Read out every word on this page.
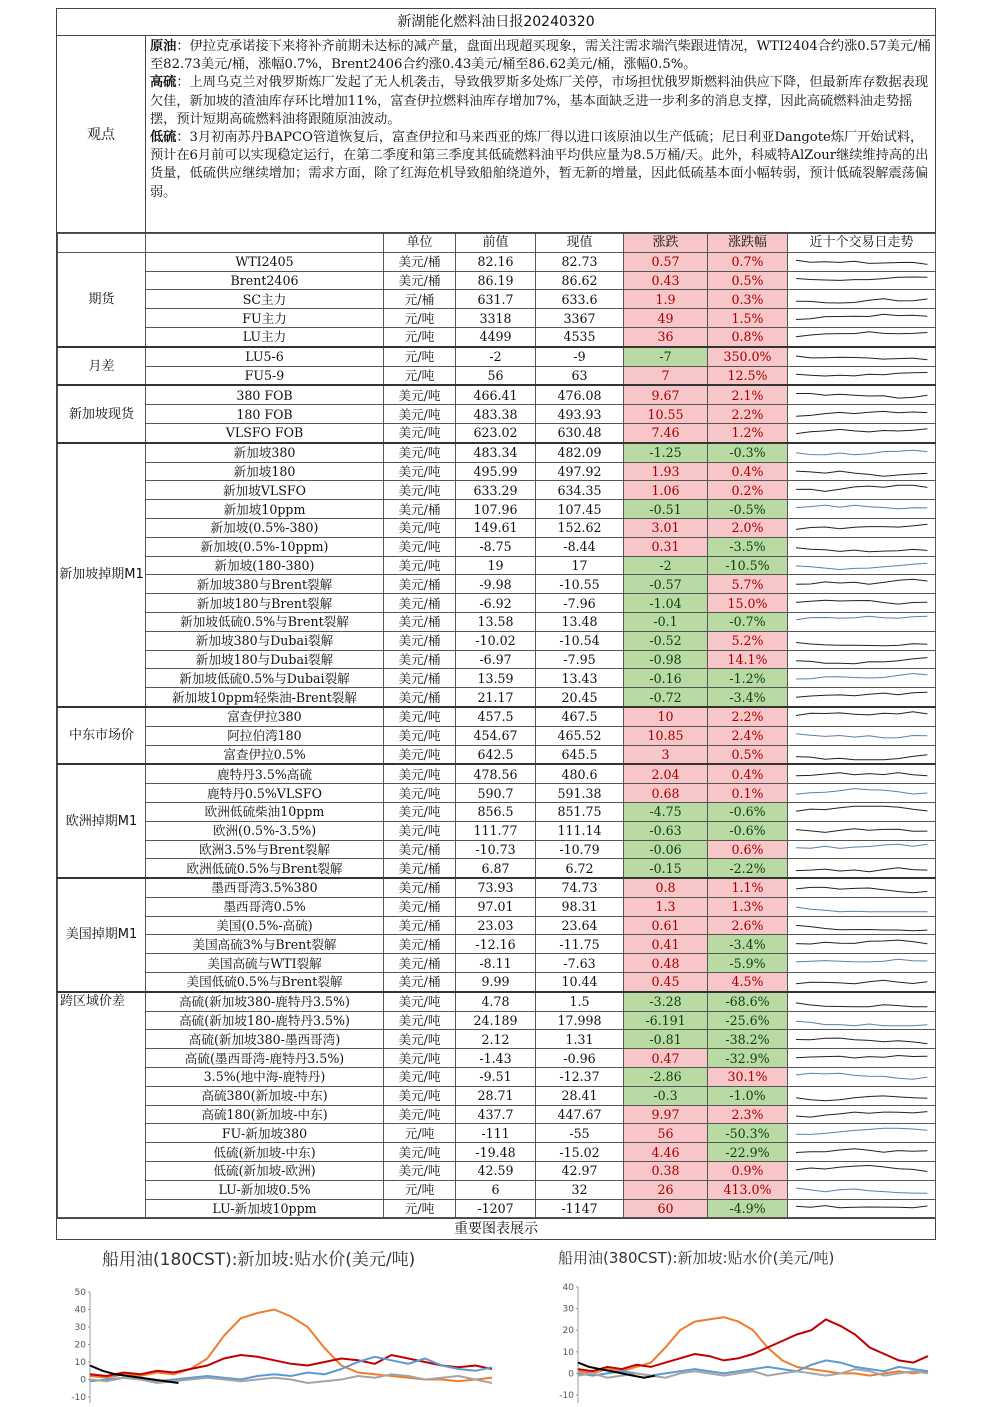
新湖能化燃料油日报20240320
观点

原油：伊拉克承诺接下来将补齐前期未达标的减产量，盘面出现超买现象，需关注需求端汽柴跟进情况，WTI2404合约涨0.57美元/桶至82.73美元/桶，涨幅0.7%，Brent2406合约涨0.43美元/桶至86.62美元/桶，涨幅0.5%。

高硫：上周乌克兰对俄罗斯炼厂发起了无人机袭击，导致俄罗斯多处炼厂关停，市场担忧俄罗斯燃料油供应下降，但最新库存数据表现欠佳，新加坡的渣油库存环比增加11%，富查伊拉燃料油库存增加7%，基本面缺乏进一步利多的消息支撑，因此高硫燃料油走势摇摆，预计短期高硫燃料油将跟随原油波动。

低硫：3月初南苏丹BAPCO管道恢复后，富查伊拉和马来西亚的炼厂得以进口该原油以生产低硫；尼日利亚Dangote炼厂开始试料，预计在6月前可以实现稳定运行，在第二季度和第三季度其低硫燃料油平均供应量为8.5万桶/天。此外，科威特AlZour继续维持高的出货量，低硫供应继续增加；需求方面，除了红海危机导致船舶绕道外，暂无新的增量，因此低硫基本面小幅转弱，预计低硫裂解震荡偏弱。

		单位	前值	现值	涨跌	涨跌幅	近十个交易日走势
期货	WTI2405	美元/桶	82.16	82.73	0.57	0.7%	

	Brent2406	美元/桶	86.19	86.62	0.43	0.5%	

	SC主力	元/桶	631.7	633.6	1.9	0.3%	

	FU主力	元/吨	3318	3367	49	1.5%	

	LU主力	元/吨	4499	4535	36	0.8%	

月差	LU5-6	元/吨	-2	-9	-7	350.0%	

	FU5-9	元/吨	56	63	7	12.5%	

新加坡现货	380 FOB	美元/吨	466.41	476.08	9.67	2.1%	

	180 FOB	美元/吨	483.38	493.93	10.55	2.2%	

	VLSFO FOB	美元/吨	623.02	630.48	7.46	1.2%	

新加坡掉期M1	新加坡380	美元/吨	483.34	482.09	-1.25	-0.3%	

	新加坡180	美元/吨	495.99	497.92	1.93	0.4%	

	新加坡VLSFO	美元/吨	633.29	634.35	1.06	0.2%	

	新加坡10ppm	美元/桶	107.96	107.45	-0.51	-0.5%	

	新加坡(0.5%-380)	美元/吨	149.61	152.62	3.01	2.0%	

	新加坡(0.5%-10ppm)	美元/吨	-8.75	-8.44	0.31	-3.5%	

	新加坡(180-380)	美元/吨	19	17	-2	-10.5%	

	新加坡380与Brent裂解	美元/桶	-9.98	-10.55	-0.57	5.7%	

	新加坡180与Brent裂解	美元/桶	-6.92	-7.96	-1.04	15.0%	

	新加坡低硫0.5%与Brent裂解	美元/桶	13.58	13.48	-0.1	-0.7%	

	新加坡380与Dubai裂解	美元/桶	-10.02	-10.54	-0.52	5.2%	

	新加坡180与Dubai裂解	美元/桶	-6.97	-7.95	-0.98	14.1%	

	新加坡低硫0.5%与Dubai裂解	美元/桶	13.59	13.43	-0.16	-1.2%	

	新加坡10ppm轻柴油-Brent裂解	美元/桶	21.17	20.45	-0.72	-3.4%	

中东市场价	富查伊拉380	美元/吨	457.5	467.5	10	2.2%	

	阿拉伯湾180	美元/吨	454.67	465.52	10.85	2.4%	

	富查伊拉0.5%	美元/吨	642.5	645.5	3	0.5%	

欧洲掉期M1	鹿特丹3.5%高硫	美元/吨	478.56	480.6	2.04	0.4%	

	鹿特丹0.5%VLSFO	美元/吨	590.7	591.38	0.68	0.1%	

	欧洲低硫柴油10ppm	美元/吨	856.5	851.75	-4.75	-0.6%	

	欧洲(0.5%-3.5%)	美元/吨	111.77	111.14	-0.63	-0.6%	

	欧洲3.5%与Brent裂解	美元/桶	-10.73	-10.79	-0.06	0.6%	

	欧洲低硫0.5%与Brent裂解	美元/桶	6.87	6.72	-0.15	-2.2%	

美国掉期M1	墨西哥湾3.5%380	美元/桶	73.93	74.73	0.8	1.1%	

	墨西哥湾0.5%	美元/桶	97.01	98.31	1.3	1.3%	

	美国(0.5%-高硫)	美元/桶	23.03	23.64	0.61	2.6%	

	美国高硫3%与Brent裂解	美元/桶	-12.16	-11.75	0.41	-3.4%	

	美国高硫与WTI裂解	美元/桶	-8.11	-7.63	0.48	-5.9%	

	美国低硫0.5%与Brent裂解	美元/桶	9.99	10.44	0.45	4.5%	

跨区域价差	高硫(新加坡380-鹿特丹3.5%)	美元/吨	4.78	1.5	-3.28	-68.6%	

	高硫(新加坡180-鹿特丹3.5%)	美元/吨	24.189	17.998	-6.191	-25.6%	

	高硫(新加坡380-墨西哥湾)	美元/吨	2.12	1.31	-0.81	-38.2%	

	高硫(墨西哥湾-鹿特丹3.5%)	美元/吨	-1.43	-0.96	0.47	-32.9%	

	3.5%(地中海-鹿特丹)	美元/吨	-9.51	-12.37	-2.86	30.1%	

	高硫380(新加坡-中东)	美元/吨	28.71	28.41	-0.3	-1.0%	

	高硫180(新加坡-中东)	美元/吨	437.7	447.67	9.97	2.3%	

	FU-新加坡380	元/吨	-111	-55	56	-50.3%	

	低硫(新加坡-中东)	美元/吨	-19.48	-15.02	4.46	-22.9%	

	低硫(新加坡-欧洲)	美元/吨	42.59	42.97	0.38	0.9%	

	LU-新加坡0.5%	元/吨	6	32	26	413.0%	

	LU-新加坡10ppm	元/吨	-1207	-1147	60	-4.9%	
重要图表展示
船用油(180CST):新加坡:贴水价(美元/吨)
50
40
30
20
10
0
-10
船用油(380CST):新加坡:贴水价(美元/吨)
40
30
20
10
0
-10
